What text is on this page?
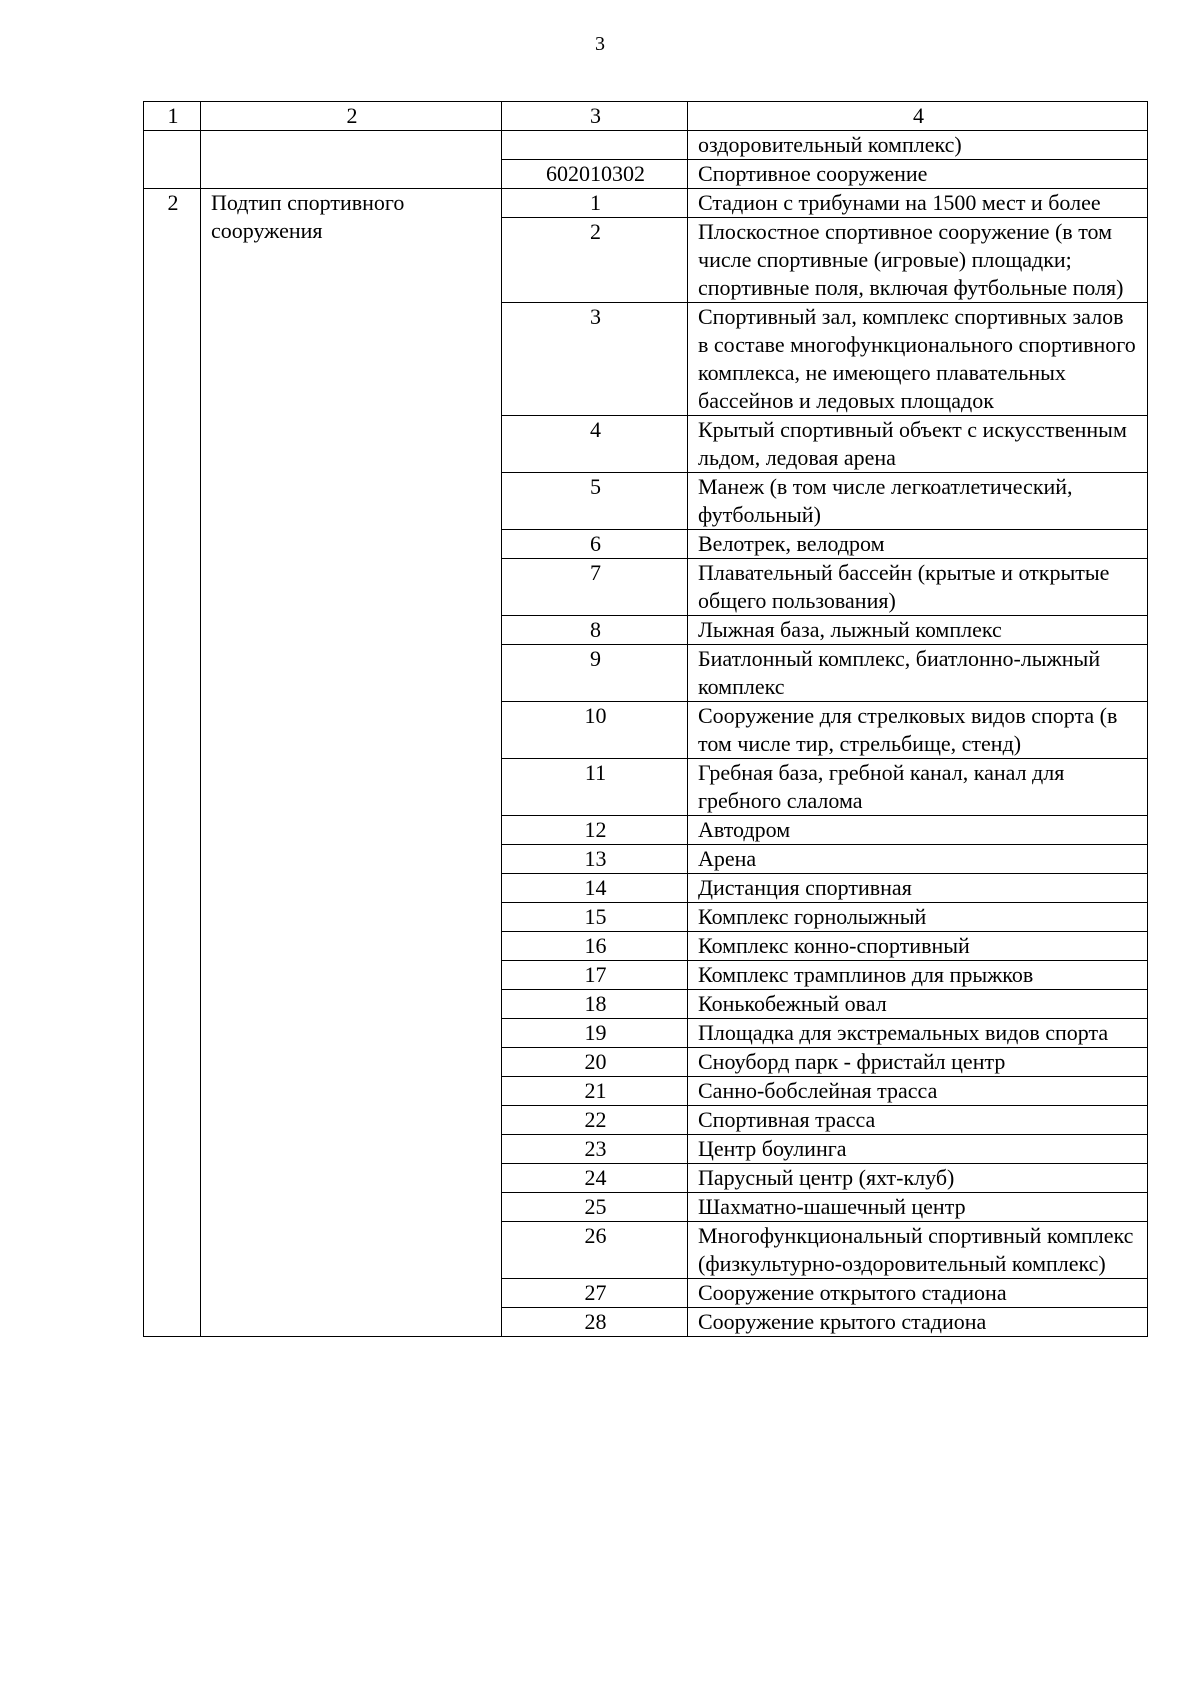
3
1	2	3	4
			оздоровительный комплекс)
		602010302	Спортивное сооружение
2	Подтип спортивного сооружения	1	Стадион с трибунами на 1500 мест и более
		2	Плоскостное спортивное сооружение (в том числе спортивные (игровые) площадки; спортивные поля, включая футбольные поля)
		3	Спортивный зал, комплекс спортивных залов в составе многофункционального спортивного комплекса, не имеющего плавательных бассейнов и ледовых площадок
		4	Крытый спортивный объект с искусственным льдом, ледовая арена
		5	Манеж (в том числе легкоатлетический, футбольный)
		6	Велотрек, велодром
		7	Плавательный бассейн (крытые и открытые общего пользования)
		8	Лыжная база, лыжный комплекс
		9	Биатлонный комплекс, биатлонно-лыжный комплекс
		10	Сооружение для стрелковых видов спорта (в том числе тир, стрельбище, стенд)
		11	Гребная база, гребной канал, канал для гребного слалома
		12	Автодром
		13	Арена
		14	Дистанция спортивная
		15	Комплекс горнолыжный
		16	Комплекс конно-спортивный
		17	Комплекс трамплинов для прыжков
		18	Конькобежный овал
		19	Площадка для экстремальных видов спорта
		20	Сноуборд парк - фристайл центр
		21	Санно-бобслейная трасса
		22	Спортивная трасса
		23	Центр боулинга
		24	Парусный центр (яхт-клуб)
		25	Шахматно-шашечный центр
		26	Многофункциональный спортивный комплекс (физкультурно-оздоровительный комплекс)
		27	Сооружение открытого стадиона
		28	Сооружение крытого стадиона
